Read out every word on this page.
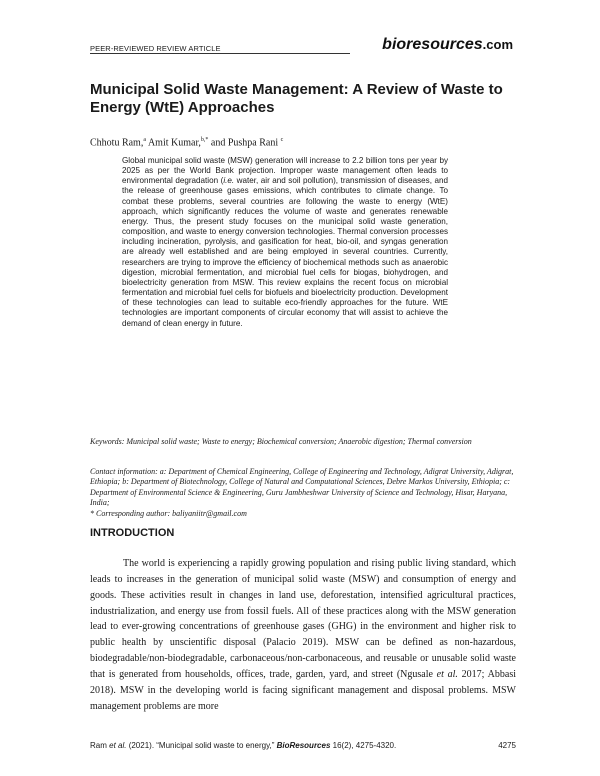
PEER-REVIEWED REVIEW ARTICLE	bioresources.com
Municipal Solid Waste Management: A Review of Waste to Energy (WtE) Approaches
Chhotu Ram,$^a$ Amit Kumar,$^{b,*}$ and Pushpa Rani $^c$

Global municipal solid waste (MSW) generation will increase to 2.2 billion tons per year by 2025 as per the World Bank projection. Improper waste management often leads to environmental degradation (i.e. water, air and soil pollution), transmission of diseases, and the release of greenhouse gases emissions, which contributes to climate change. To combat these problems, several countries are following the waste to energy (WtE) approach, which significantly reduces the volume of waste and generates renewable energy. Thus, the present study focuses on the municipal solid waste generation, composition, and waste to energy conversion technologies. Thermal conversion processes including incineration, pyrolysis, and gasification for heat, bio-oil, and syngas generation are already well established and are being employed in several countries. Currently, researchers are trying to improve the efficiency of biochemical methods such as anaerobic digestion, microbial fermentation, and microbial fuel cells for biogas, biohydrogen, and bioelectricity generation from MSW. This review explains the recent focus on microbial fermentation and microbial fuel cells for biofuels and bioelectricity production. Development of these technologies can lead to suitable eco-friendly approaches for the future. WtE technologies are important components of circular economy that will assist to achieve the demand of clean energy in future.

Keywords: Municipal solid waste; Waste to energy; Biochemical conversion; Anaerobic digestion; Thermal conversion

Contact information: a: Department of Chemical Engineering, College of Engineering and Technology, Adigrat University, Adigrat, Ethiopia; b: Department of Biotechnology, College of Natural and Computational Sciences, Debre Markos University, Ethiopia; c: Department of Environmental Science & Engineering, Guru Jambheshwar University of Science and Technology, Hisar, Haryana, India;
* Corresponding author: baliyaniitr@gmail.com
INTRODUCTION

The world is experiencing a rapidly growing population and rising public living standard, which leads to increases in the generation of municipal solid waste (MSW) and consumption of energy and goods. These activities result in changes in land use, deforestation, intensified agricultural practices, industrialization, and energy use from fossil fuels. All of these practices along with the MSW generation lead to ever-growing concentrations of greenhouse gases (GHG) in the environment and higher risk to public health by unscientific disposal (Palacio 2019). MSW can be defined as non-hazardous, biodegradable/non-biodegradable, carbonaceous/non-carbonaceous, and reusable or unusable solid waste that is generated from households, offices, trade, garden, yard, and street (Ngusale et al. 2017; Abbasi 2018). MSW in the developing world is facing significant management and disposal problems. MSW management problems are more

Ram et al. (2021). “Municipal solid waste to energy,” BioResources 16(2), 4275-4320.	4275
